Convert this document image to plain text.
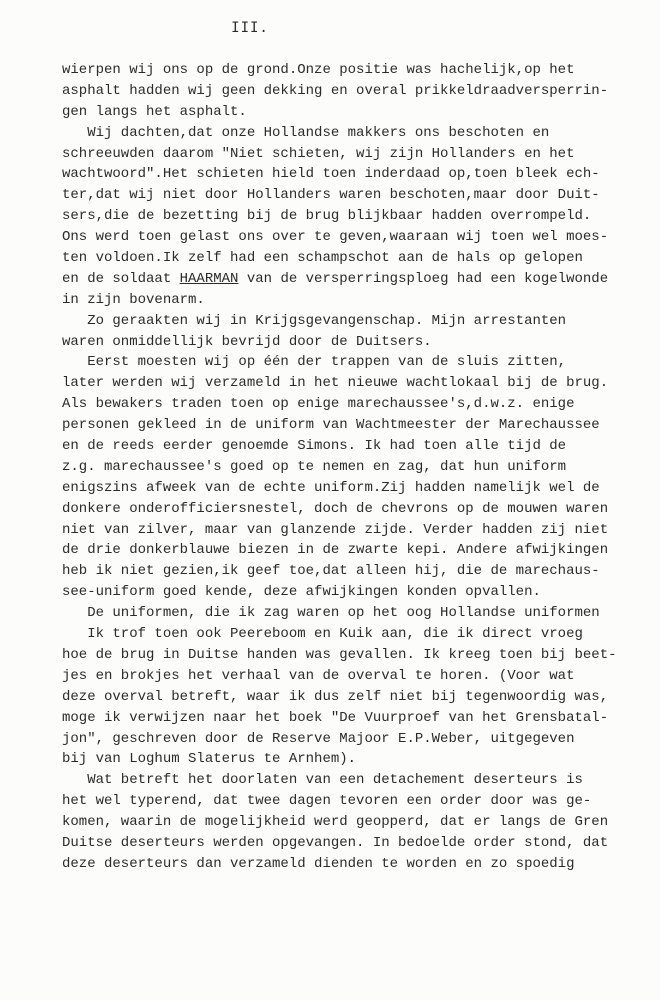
III.
wierpen wij ons op de grond.Onze positie was hachelijk,op het
asphalt hadden wij geen dekking en overal prikkeldraadversperrin-
gen langs het asphalt.
Wij dachten,dat onze Hollandse makkers ons beschoten en
schreeuwden daarom "Niet schieten, wij zijn Hollanders en het
wachtwoord".Het schieten hield toen inderdaad op,toen bleek ech-
ter,dat wij niet door Hollanders waren beschoten,maar door Duit-
sers,die de bezetting bij de brug blijkbaar hadden overrompeld.
Ons werd toen gelast ons over te geven,waaraan wij toen wel moes-
ten voldoen.Ik zelf had een schampschot aan de hals op gelopen
en de soldaat HAARMAN van de versperringsploeg had een kogelwonde
in zijn bovenarm.
Zo geraakten wij in Krijgsgevangenschap. Mijn arrestanten
waren onmiddellijk bevrijd door de Duitsers.
Eerst moesten wij op één der trappen van de sluis zitten,
later werden wij verzameld in het nieuwe wachtlokaal bij de brug.
Als bewakers traden toen op enige marechaussee's,d.w.z. enige
personen gekleed in de uniform van Wachtmeester der Marechaussee
en de reeds eerder genoemde Simons. Ik had toen alle tijd de
z.g. marechaussee's goed op te nemen en zag, dat hun uniform
enigszins afweek van de echte uniform.Zij hadden namelijk wel de
donkere onderofficiersnestel, doch de chevrons op de mouwen waren
niet van zilver, maar van glanzende zijde. Verder hadden zij niet
de drie donkerblauwe biezen in de zwarte kepi. Andere afwijkingen
heb ik niet gezien,ik geef toe,dat alleen hij, die de marechaus-
see-uniform goed kende, deze afwijkingen konden opvallen.
De uniformen, die ik zag waren op het oog Hollandse uniformen
Ik trof toen ook Peereboom en Kuik aan, die ik direct vroeg
hoe de brug in Duitse handen was gevallen. Ik kreeg toen bij beet-
jes en brokjes het verhaal van de overval te horen. (Voor wat
deze overval betreft, waar ik dus zelf niet bij tegenwoordig was,
moge ik verwijzen naar het boek "De Vuurproef van het Grensbatal-
jon", geschreven door de Reserve Majoor E.P.Weber, uitgegeven
bij van Loghum Slaterus te Arnhem).
Wat betreft het doorlaten van een detachement deserteurs is
het wel typerend, dat twee dagen tevoren een order door was ge-
komen, waarin de mogelijkheid werd geopperd, dat er langs de Gren
Duitse deserteurs werden opgevangen. In bedoelde order stond, dat
deze deserteurs dan verzameld dienden te worden en zo spoedig
